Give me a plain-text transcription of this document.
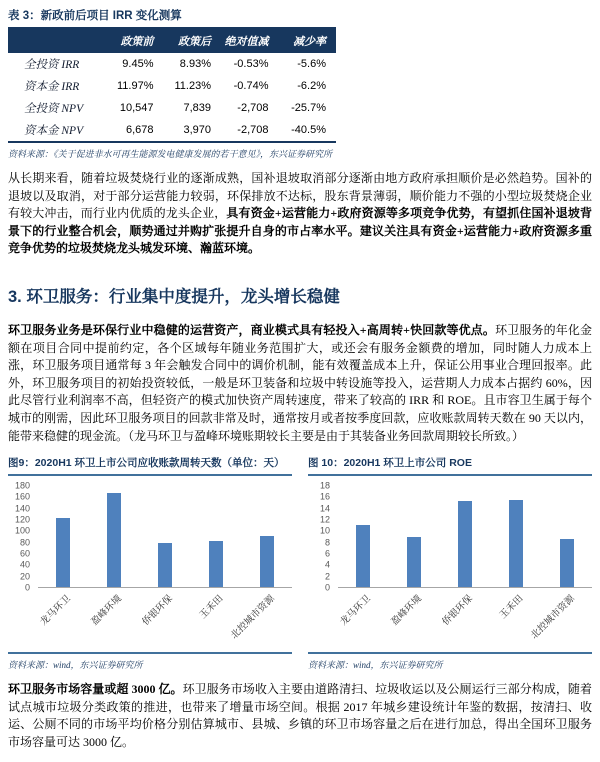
表 3：新政前后项目 IRR 变化测算
	政策前	政策后	绝对值减	减少率
全投资 IRR	9.45%	8.93%	-0.53%	-5.6%
资本金 IRR	11.97%	11.23%	-0.74%	-6.2%
全投资 NPV	10,547	7,839	-2,708	-25.7%
资本金 NPV	6,678	3,970	-2,708	-40.5%
资料来源：《关于促进非水可再生能源发电健康发展的若干意见》，东兴证券研究所

从长期来看，随着垃圾焚烧行业的逐渐成熟，国补退坡取消部分逐渐由地方政府承担顺价是必然趋势。国补的退坡以及取消，对于部分运营能力较弱，环保排放不达标，股东背景薄弱，顺价能力不强的小型垃圾焚烧企业有较大冲击，而行业内优质的龙头企业，具有资金+运营能力+政府资源等多项竞争优势，有望抓住国补退坡背景下的行业整合机会，顺势通过并购扩张提升自身的市占率水平。建议关注具有资金+运营能力+政府资源多重竞争优势的垃圾焚烧龙头城发环境、瀚蓝环境。

3. 环卫服务：行业集中度提升，龙头增长稳健

环卫服务业务是环保行业中稳健的运营资产，商业模式具有轻投入+高周转+快回款等优点。环卫服务的年化金额在项目合同中提前约定，各个区域每年随业务范围扩大，或还会有服务金额费的增加，同时随人力成本上涨，环卫服务项目通常每 3 年会触发合同中的调价机制，能有效覆盖成本上升，保证公用事业合理回报率。此外，环卫服务项目的初始投资较低，一般是环卫装备和垃圾中转设施等投入，运营期人力成本占据约 60%，因此尽管行业利润率不高，但轻资产的模式加快资产周转速度，带来了较高的 IRR 和 ROE。且市容卫生属于每个城市的刚需，因此环卫服务项目的回款非常及时，通常按月或者按季度回款，应收账款周转天数在 90 天以内，能带来稳健的现金流。（龙马环卫与盈峰环境账期较长主要是由于其装备业务回款周期较长所致。）

图9：2020H1 环卫上市公司应收账款周转天数（单位：天）
0
20
40
60
80
100
120
140
160
180
龙马环卫 盈峰环境 侨银环保 玉禾田 北控城市资源
资料来源：wind，东兴证券研究所
图 10：2020H1 环卫上市公司 ROE
0
2
4
6
8
10
12
14
16
18
龙马环卫 盈峰环境 侨银环保 玉禾田 北控城市资源
资料来源：wind，东兴证券研究所

环卫服务市场容量或超 3000 亿。环卫服务市场收入主要由道路清扫、垃圾收运以及公厕运行三部分构成，随着试点城市垃圾分类政策的推进，也带来了增量市场空间。根据 2017 年城乡建设统计年鉴的数据，按清扫、收运、公厕不同的市场平均价格分别估算城市、县城、乡镇的环卫市场容量之后在进行加总，得出全国环卫服务市场容量可达 3000 亿。
